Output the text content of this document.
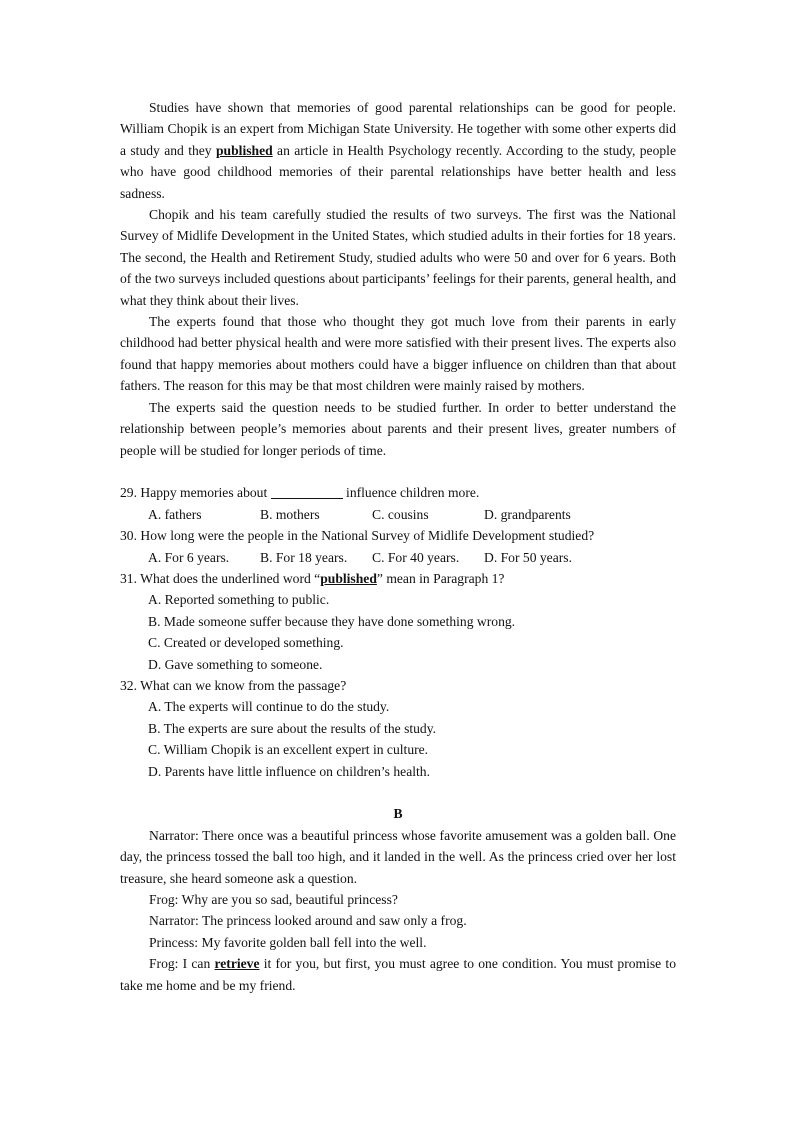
Studies have shown that memories of good parental relationships can be good for people. William Chopik is an expert from Michigan State University. He together with some other experts did a study and they published an article in Health Psychology recently. According to the study, people who have good childhood memories of their parental relationships have better health and less sadness.

Chopik and his team carefully studied the results of two surveys. The first was the National Survey of Midlife Development in the United States, which studied adults in their forties for 18 years. The second, the Health and Retirement Study, studied adults who were 50 and over for 6 years. Both of the two surveys included questions about participants’ feelings for their parents, general health, and what they think about their lives.

The experts found that those who thought they got much love from their parents in early childhood had better physical health and were more satisfied with their present lives. The experts also found that happy memories about mothers could have a bigger influence on children than that about fathers. The reason for this may be that most children were mainly raised by mothers.

The experts said the question needs to be studied further. In order to better understand the relationship between people’s memories about parents and their present lives, greater numbers of people will be studied for longer periods of time.

29. Happy memories about	influence children more.

A. fathers	B. mothers	C. cousins	D. grandparents

30. How long were the people in the National Survey of Midlife Development studied?

A. For 6 years.	B. For 18 years.	C. For 40 years.	D. For 50 years.

31. What does the underlined word “published” mean in Paragraph 1?

A. Reported something to public.

B. Made someone suffer because they have done something wrong.

C. Created or developed something.

D. Gave something to someone.

32. What can we know from the passage?

A. The experts will continue to do the study.

B. The experts are sure about the results of the study.

C. William Chopik is an excellent expert in culture.

D. Parents have little influence on children’s health.

B

Narrator: There once was a beautiful princess whose favorite amusement was a golden ball. One day, the princess tossed the ball too high, and it landed in the well. As the princess cried over her lost treasure, she heard someone ask a question.

Frog: Why are you so sad, beautiful princess?

Narrator: The princess looked around and saw only a frog.

Princess: My favorite golden ball fell into the well.

Frog: I can retrieve it for you, but first, you must agree to one condition. You must promise to take me home and be my friend.
